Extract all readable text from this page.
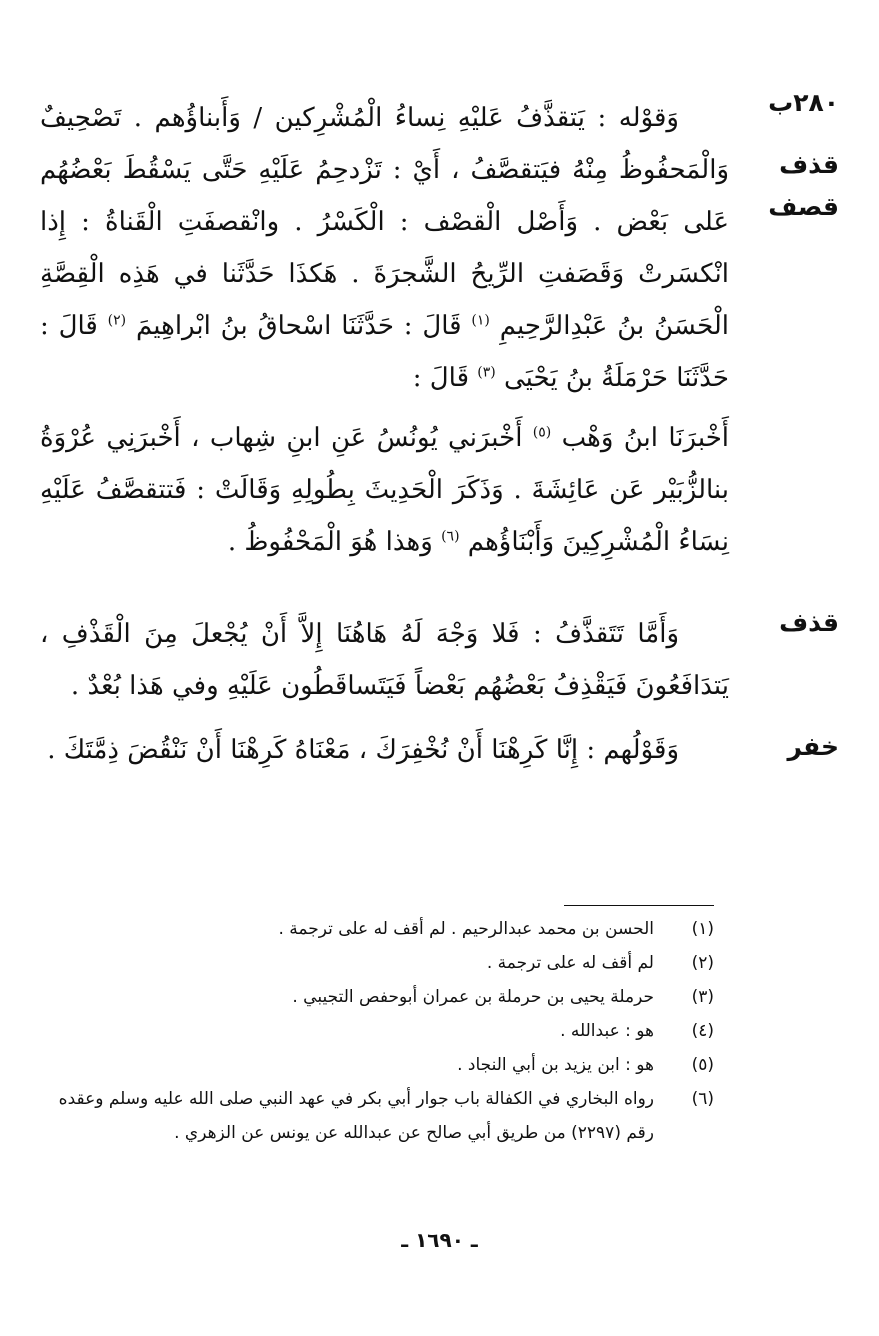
٢٨٠ب
قذف
قصف
قذف
خفر

وَقوْله : يَتقذَّفُ عَليْهِ نِساءُ الْمُشْرِكين / وَأَبناؤُهم . تَصْحِيفٌ وَالْمَحفُوظُ مِنْهُ فيَتقصَّفُ ، أَيْ : تَزْدحِمُ عَلَيْهِ حَتَّى يَسْقُطَ بَعْضُهُم عَلى بَعْض . وَأَصْل الْقصْف : الْكَسْرُ . وانْقصفَتِ الْقَناةُ : إِذا انْكسَرتْ وَقَصَفتِ الرِّيحُ الشَّجرَةَ . هَكذَا حَدَّثَنا في هَذِه الْقِصَّةِ الْحَسَنُ بنُ عَبْدِالرَّحِيمِ $^{(١)}$ قَالَ : حَدَّثَنَا اسْحاقُ بنُ ابْراهِيمَ $^{(٢)}$ قَالَ : حَدَّثَنَا حَرْمَلَةُ بنُ يَحْيَى $^{(٣)}$ قَالَ :

أَخْبرَنَا ابنُ وَهْب $^{(٥)}$ أَخْبرَني يُونُسُ عَنِ ابنِ شِهاب ، أَخْبرَنِي عُرْوَةُ بنالزُّبَيْر عَن عَائِشَةَ . وَذَكَرَ الْحَدِيثَ بِطُولِهِ وَقَالَتْ : فَتتقصَّفُ عَلَيْهِ نِسَاءُ الْمُشْرِكِينَ وَأَبْنَاؤُهم $^{(٦)}$ وَهذا هُوَ الْمَحْفُوظُ .

وَأَمَّا تَتَقذَّفُ : فَلا وَجْهَ لَهُ هَاهُنَا إِلاَّ أَنْ يُجْعلَ مِنَ الْقَذْفِ ، يَتدَافَعُونَ فَيَقْذِفُ بَعْضُهُم بَعْضاً فَيَتَساقَطُون عَلَيْهِ وفي هَذا بُعْدٌ .

وَقَوْلُهم : إِنَّا كَرِهْنَا أَنْ نُخْفِرَكَ ، مَعْنَاهُ كَرِهْنَا أَنْ نَنْقُضَ ذِمَّتَكَ .

(١)
الحسن بن محمد عبدالرحيم . لم أقف له على ترجمة .
(٢)
لم أقف له على ترجمة .
(٣)
حرملة يحيى بن حرملة بن عمران أبوحفص التجيبي .
(٤)
هو : عبدالله .
(٥)
هو : ابن يزيد بن أبي النجاد .
(٦)
رواه البخاري في الكفالة باب جوار أبي بكر في عهد النبي صلى الله عليه وسلم وعقده رقم (٢٢٩٧) من طريق أبي صالح عن عبدالله عن يونس عن الزهري .
ـ ١٦٩٠ ـ
